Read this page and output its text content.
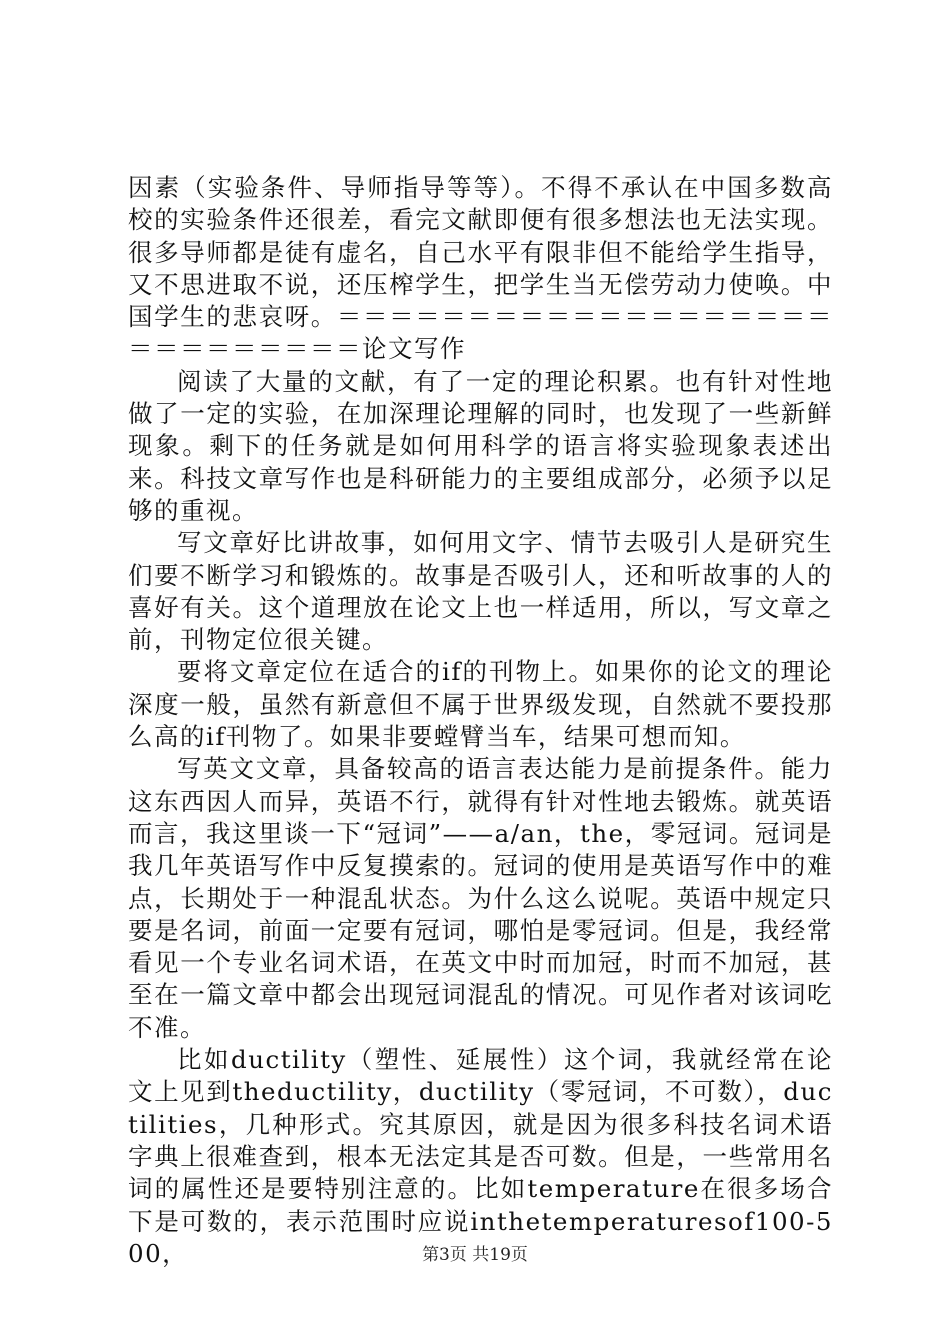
因素（实验条件、导师指导等等）。不得不承认在中国多数高校的实验条件还很差，看完文献即便有很多想法也无法实现。很多导师都是徒有虚名，自己水平有限非但不能给学生指导，又不思进取不说，还压榨学生，把学生当无偿劳动力使唤。中国学生的悲哀呀。＝＝＝＝＝＝＝＝＝＝＝＝＝＝＝＝＝＝＝＝＝＝＝＝＝＝＝＝论文写作

阅读了大量的文献，有了一定的理论积累。也有针对性地做了一定的实验，在加深理论理解的同时，也发现了一些新鲜现象。剩下的任务就是如何用科学的语言将实验现象表述出来。科技文章写作也是科研能力的主要组成部分，必须予以足够的重视。

写文章好比讲故事，如何用文字、情节去吸引人是研究生们要不断学习和锻炼的。故事是否吸引人，还和听故事的人的喜好有关。这个道理放在论文上也一样适用，所以，写文章之前，刊物定位很关键。

要将文章定位在适合的if的刊物上。如果你的论文的理论深度一般，虽然有新意但不属于世界级发现，自然就不要投那么高的if刊物了。如果非要螳臂当车，结果可想而知。

写英文文章，具备较高的语言表达能力是前提条件。能力这东西因人而异，英语不行，就得有针对性地去锻炼。就英语而言，我这里谈一下“冠词”——a/an，the，零冠词。冠词是我几年英语写作中反复摸索的。冠词的使用是英语写作中的难点，长期处于一种混乱状态。为什么这么说呢。英语中规定只要是名词，前面一定要有冠词，哪怕是零冠词。但是，我经常看见一个专业名词术语，在英文中时而加冠，时而不加冠，甚至在一篇文章中都会出现冠词混乱的情况。可见作者对该词吃不准。

比如ductility（塑性、延展性）这个词，我就经常在论文上见到theductility，ductility（零冠词，不可数），ductilities，几种形式。究其原因，就是因为很多科技名词术语字典上很难查到，根本无法定其是否可数。但是，一些常用名词的属性还是要特别注意的。比如temperature在很多场合下是可数的，表示范围时应说inthetemperaturesof100-500，	第3页 共19页
